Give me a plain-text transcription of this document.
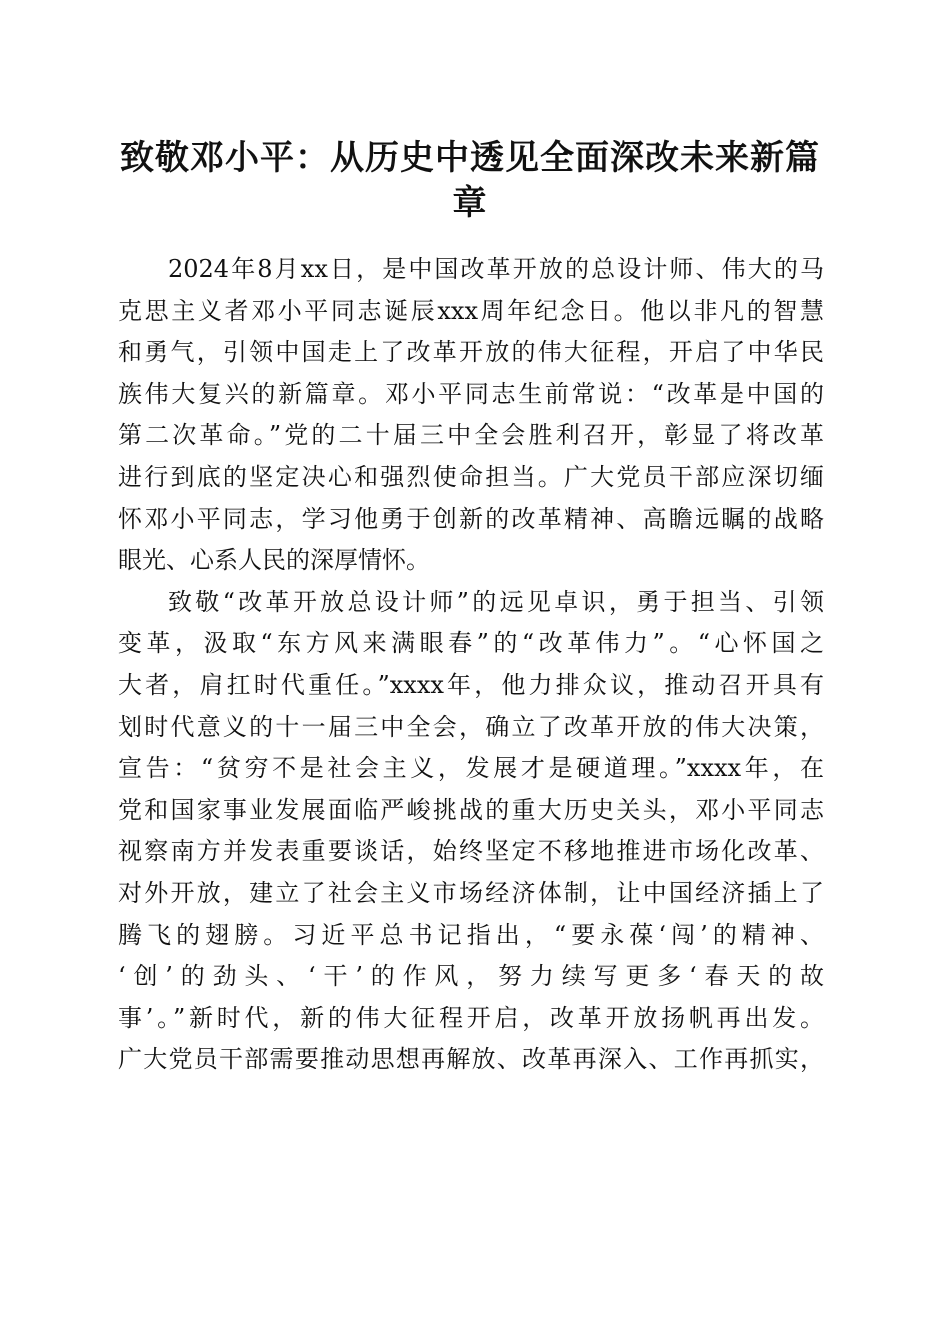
致敬邓小平：从历史中透见全面深改未来新篇
章
2024年8月xx日，是中国改革开放的总设计师、伟大的马
克思主义者邓小平同志诞辰xxx周年纪念日。他以非凡的智慧
和勇气，引领中国走上了改革开放的伟大征程，开启了中华民
族伟大复兴的新篇章。邓小平同志生前常说：“改革是中国的
第二次革命。”党的二十届三中全会胜利召开，彰显了将改革
进行到底的坚定决心和强烈使命担当。广大党员干部应深切缅
怀邓小平同志，学习他勇于创新的改革精神、高瞻远瞩的战略
眼光、心系人民的深厚情怀。
致敬“改革开放总设计师”的远见卓识，勇于担当、引领
变革，汲取“东方风来满眼春”的“改革伟力”。“心怀国之
大者，肩扛时代重任。”xxxx年，他力排众议，推动召开具有
划时代意义的十一届三中全会，确立了改革开放的伟大决策，
宣告：“贫穷不是社会主义，发展才是硬道理。”xxxx年，在
党和国家事业发展面临严峻挑战的重大历史关头，邓小平同志
视察南方并发表重要谈话，始终坚定不移地推进市场化改革、
对外开放，建立了社会主义市场经济体制，让中国经济插上了
腾飞的翅膀。习近平总书记指出，“要永葆‘闯’的精神、
‘创’的劲头、‘干’的作风，努力续写更多‘春天的故
事’。”新时代，新的伟大征程开启，改革开放扬帆再出发。
广大党员干部需要推动思想再解放、改革再深入、工作再抓实，
